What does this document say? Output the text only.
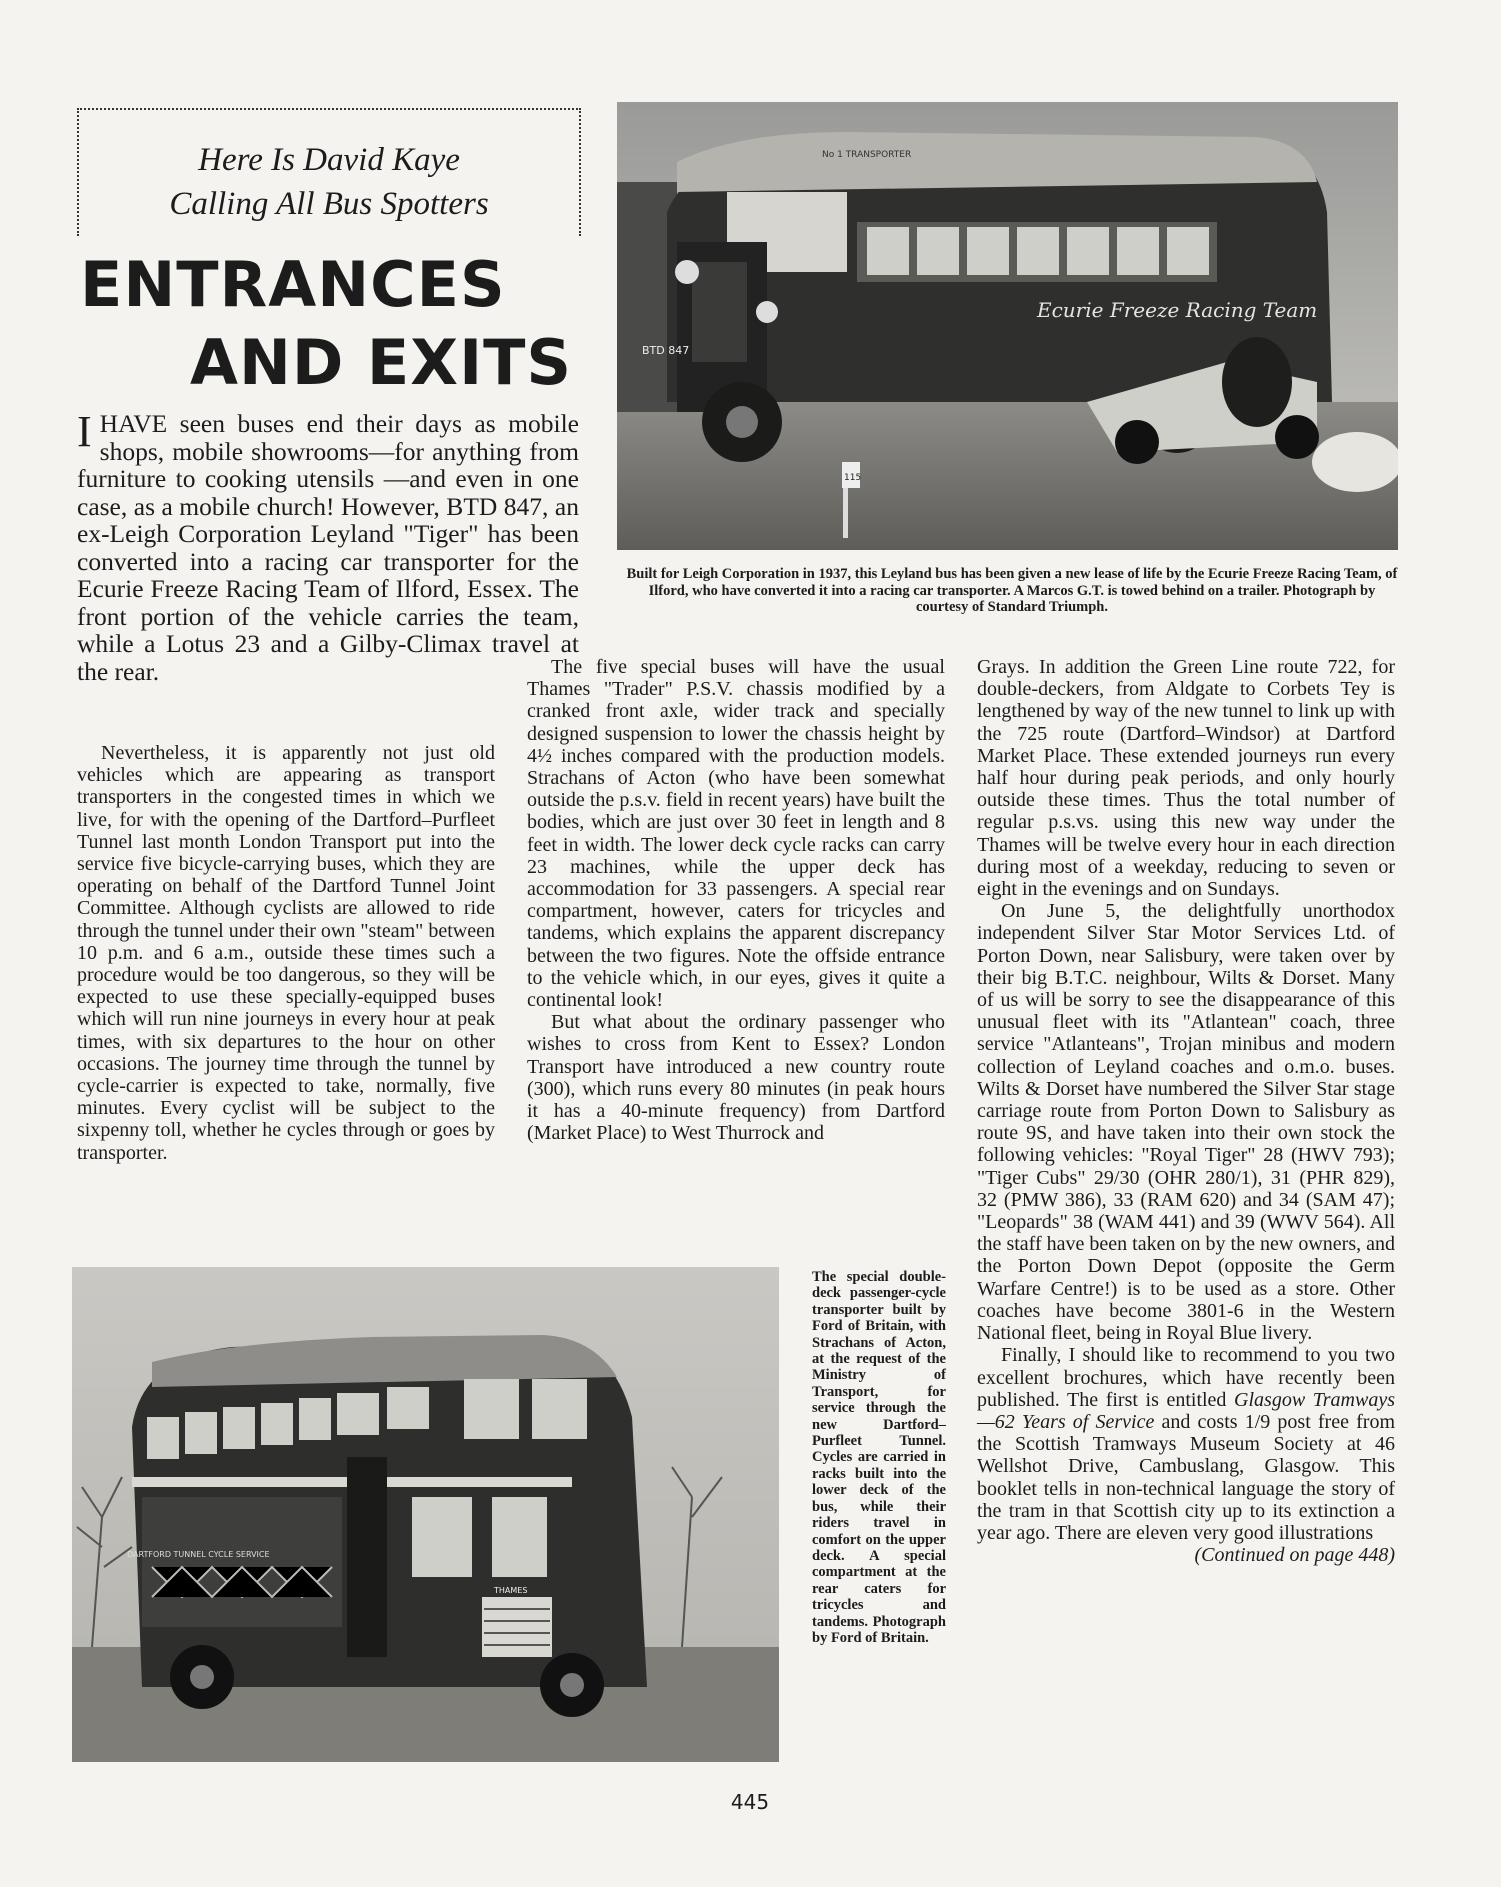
Here Is David Kaye
Calling All Bus Spotters
ENTRANCES
AND EXITS
IHAVE seen buses end their days as mobile shops, mobile showrooms—for anything from furniture to cooking utensils —and even in one case, as a mobile church! However, BTD 847, an ex-Leigh Corporation Leyland "Tiger" has been converted into a racing car transporter for the Ecurie Freeze Racing Team of Ilford, Essex. The front portion of the vehicle carries the team, while a Lotus 23 and a Gilby-Climax travel at the rear.
Ecurie Freeze Racing Team
No 1 TRANSPORTER
BTD 847
115
Built for Leigh Corporation in 1937, this Leyland bus has been given a new lease of life by the Ecurie Freeze Racing Team, of Ilford, who have converted it into a racing car transporter. A Marcos G.T. is towed behind on a trailer. Photograph by courtesy of Standard Triumph.

Nevertheless, it is apparently not just old vehicles which are appearing as transport transporters in the congested times in which we live, for with the opening of the Dartford–Purfleet Tunnel last month London Transport put into the service five bicycle-carrying buses, which they are operating on behalf of the Dartford Tunnel Joint Committee. Although cyclists are allowed to ride through the tunnel under their own "steam" between 10 p.m. and 6 a.m., outside these times such a procedure would be too dangerous, so they will be expected to use these specially-equipped buses which will run nine journeys in every hour at peak times, with six departures to the hour on other occasions. The journey time through the tunnel by cycle-carrier is expected to take, normally, five minutes. Every cyclist will be subject to the sixpenny toll, whether he cycles through or goes by transporter.

The five special buses will have the usual Thames "Trader" P.S.V. chassis modified by a cranked front axle, wider track and specially designed suspension to lower the chassis height by 4½ inches compared with the production models. Strachans of Acton (who have been somewhat outside the p.s.v. field in recent years) have built the bodies, which are just over 30 feet in length and 8 feet in width. The lower deck cycle racks can carry 23 machines, while the upper deck has accommodation for 33 passengers. A special rear compartment, however, caters for tricycles and tandems, which explains the apparent discrepancy between the two figures. Note the offside entrance to the vehicle which, in our eyes, gives it quite a continental look!

But what about the ordinary passenger who wishes to cross from Kent to Essex? London Transport have introduced a new country route (300), which runs every 80 minutes (in peak hours it has a 40-minute frequency) from Dartford (Market Place) to West Thurrock and

Grays. In addition the Green Line route 722, for double-deckers, from Aldgate to Corbets Tey is lengthened by way of the new tunnel to link up with the 725 route (Dartford–Windsor) at Dartford Market Place. These extended journeys run every half hour during peak periods, and only hourly outside these times. Thus the total number of regular p.s.vs. using this new way under the Thames will be twelve every hour in each direction during most of a weekday, reducing to seven or eight in the evenings and on Sundays.

On June 5, the delightfully unorthodox independent Silver Star Motor Services Ltd. of Porton Down, near Salisbury, were taken over by their big B.T.C. neighbour, Wilts & Dorset. Many of us will be sorry to see the disappearance of this unusual fleet with its "Atlantean" coach, three service "Atlanteans", Trojan minibus and modern collection of Leyland coaches and o.m.o. buses. Wilts & Dorset have numbered the Silver Star stage carriage route from Porton Down to Salisbury as route 9S, and have taken into their own stock the following vehicles: "Royal Tiger" 28 (HWV 793); "Tiger Cubs" 29/30 (OHR 280/1), 31 (PHR 829), 32 (PMW 386), 33 (RAM 620) and 34 (SAM 47); "Leopards" 38 (WAM 441) and 39 (WWV 564). All the staff have been taken on by the new owners, and the Porton Down Depot (opposite the Germ Warfare Centre!) is to be used as a store. Other coaches have become 3801-6 in the Western National fleet, being in Royal Blue livery.

Finally, I should like to recommend to you two excellent brochures, which have recently been published. The first is entitled Glasgow Tramways—62 Years of Service and costs 1/9 post free from the Scottish Tramways Museum Society at 46 Wellshot Drive, Cambuslang, Glasgow. This booklet tells in non-technical language the story of the tram in that Scottish city up to its extinction a year ago. There are eleven very good illustrations

(Continued on page 448)

THAMES
DARTFORD TUNNEL CYCLE SERVICE
The special double-deck passenger-cycle transporter built by Ford of Britain, with Strachans of Acton, at the request of the Ministry of Transport, for service through the new Dartford–Purfleet Tunnel. Cycles are carried in racks built into the lower deck of the bus, while their riders travel in comfort on the upper deck. A special compartment at the rear caters for tricycles and tandems. Photograph by Ford of Britain.
445
